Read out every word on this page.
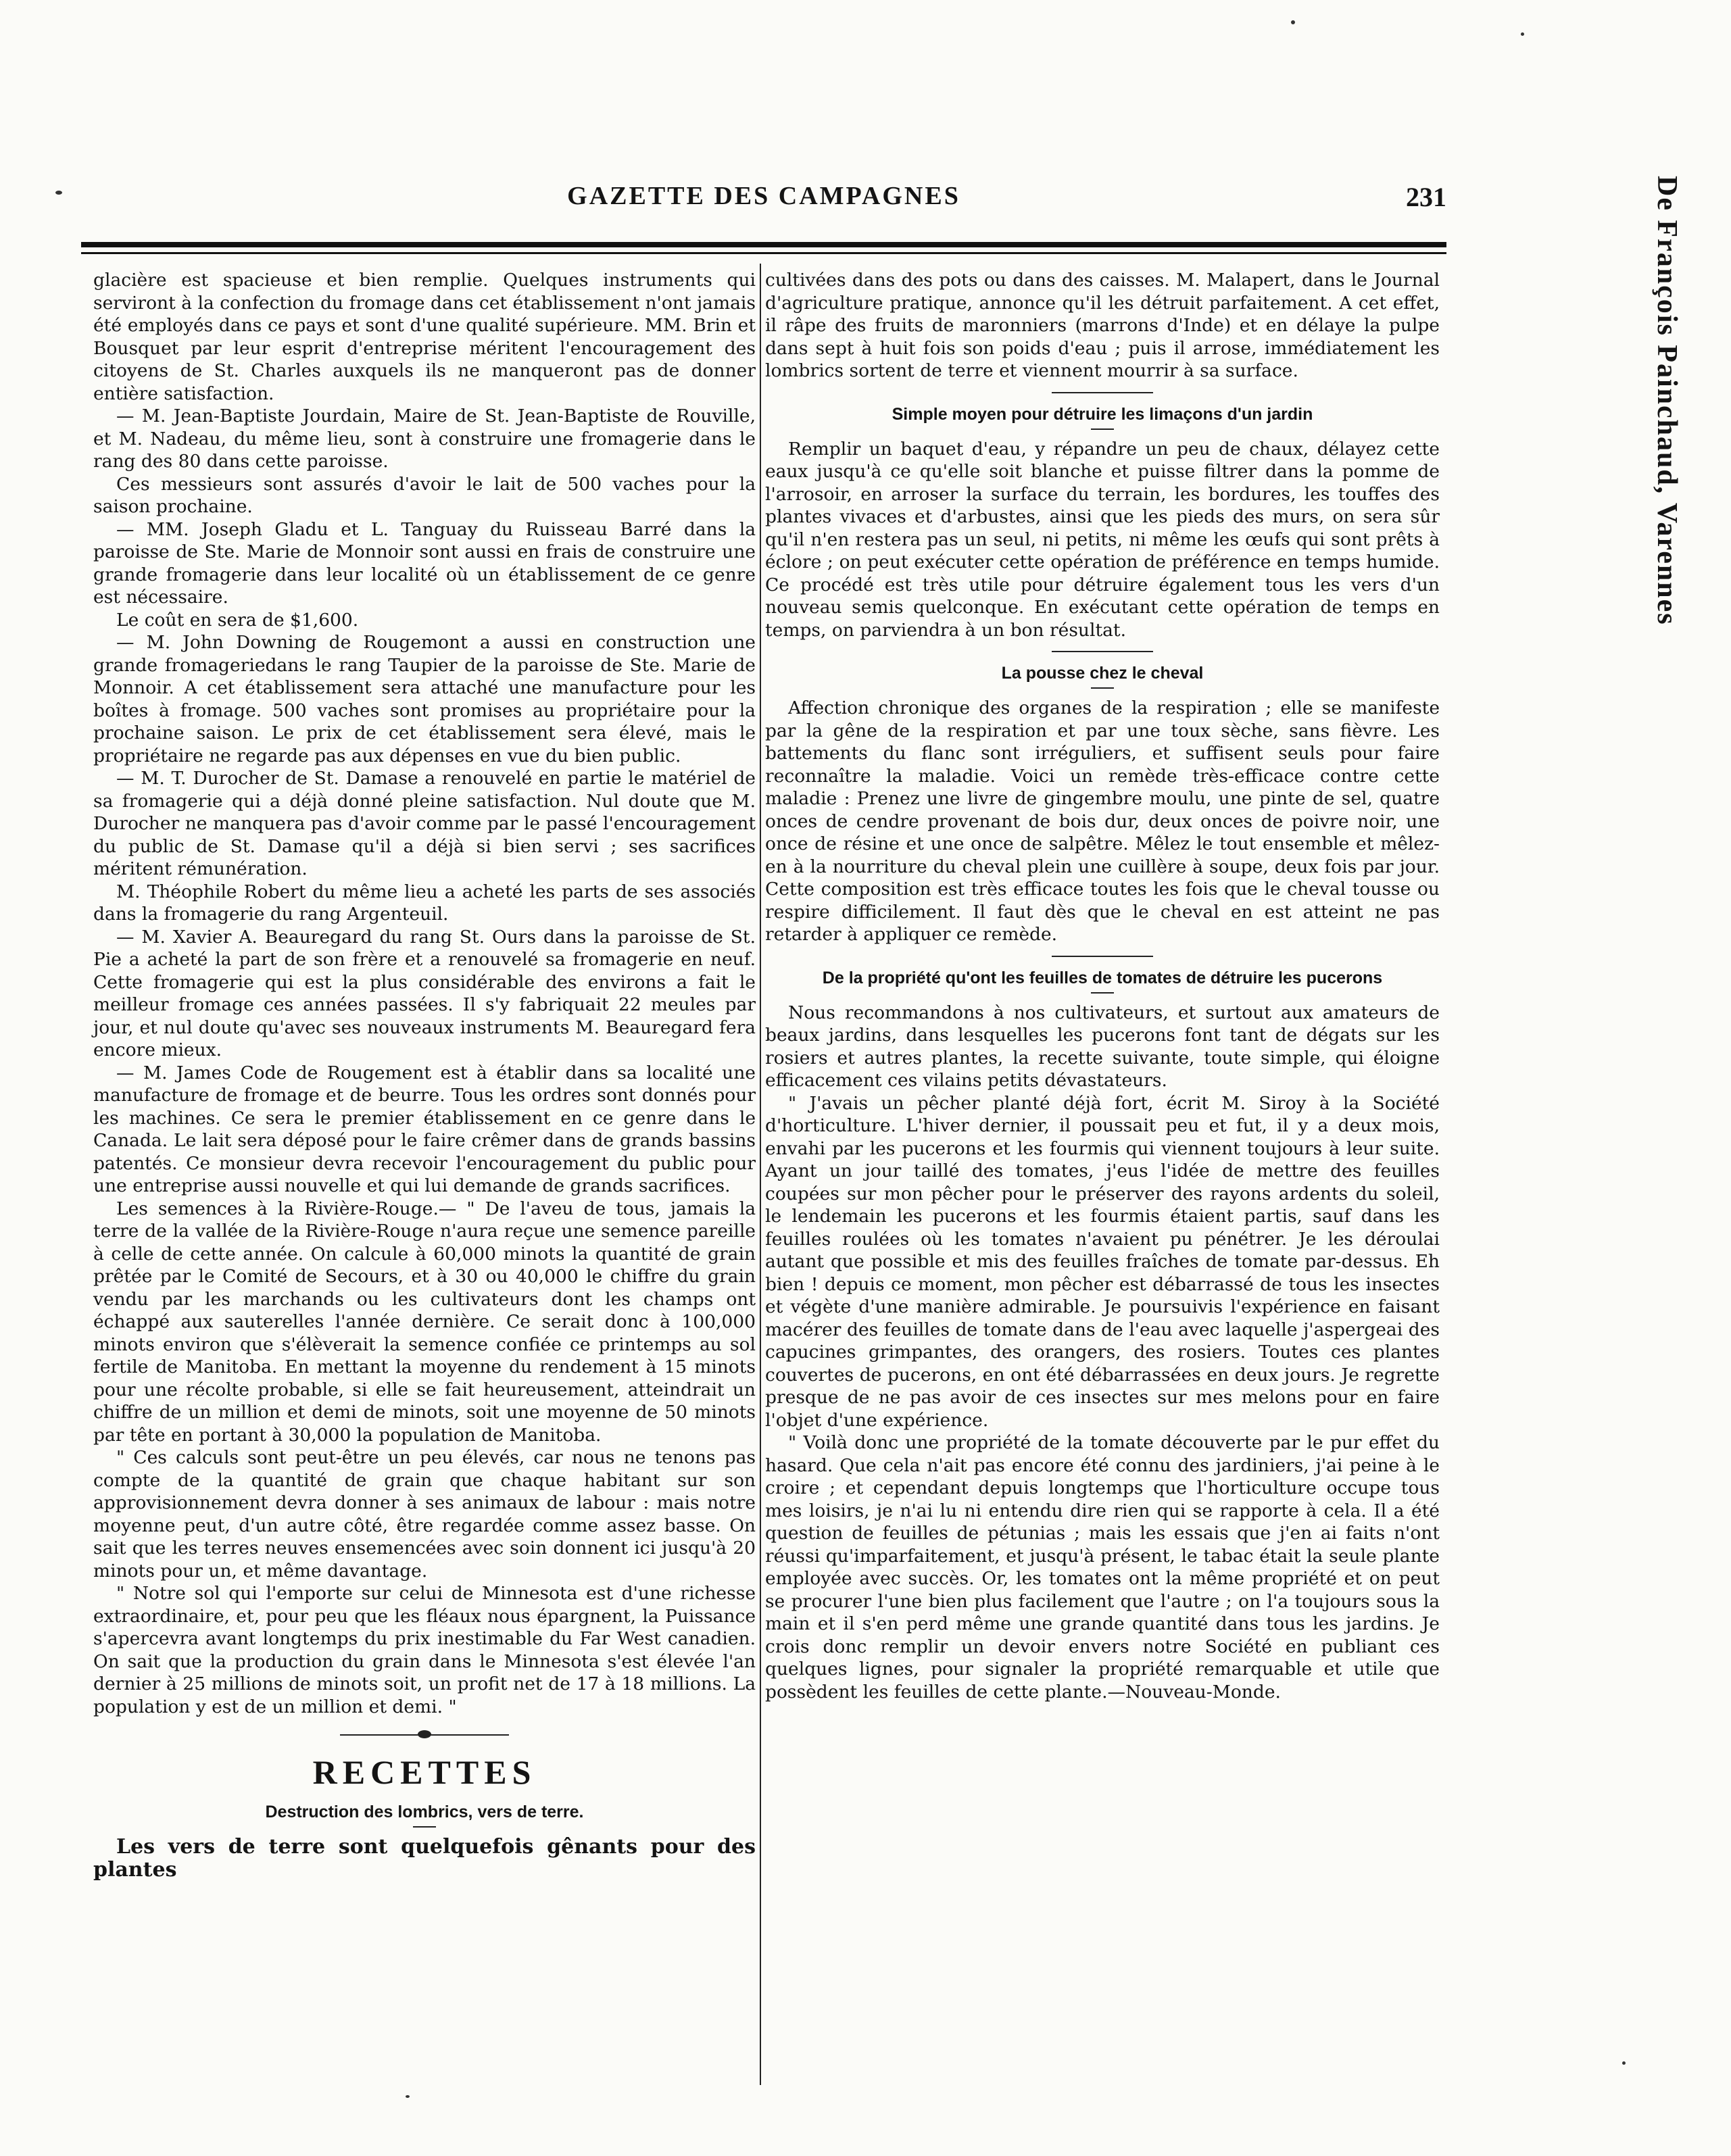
GAZETTE DES CAMPAGNES	231	De François Painchaud, Varennes

glacière est spacieuse et bien remplie. Quelques instruments qui serviront à la confection du fromage dans cet établissement n'ont jamais été employés dans ce pays et sont d'une qualité supérieure. MM. Brin et Bousquet par leur esprit d'entreprise méritent l'encouragement des citoyens de St. Charles auxquels ils ne manqueront pas de donner entière satisfaction.

— M. Jean-Baptiste Jourdain, Maire de St. Jean-Baptiste de Rouville, et M. Nadeau, du même lieu, sont à construire une fromagerie dans le rang des 80 dans cette paroisse.

Ces messieurs sont assurés d'avoir le lait de 500 vaches pour la saison prochaine.

— MM. Joseph Gladu et L. Tanguay du Ruisseau Barré dans la paroisse de Ste. Marie de Monnoir sont aussi en frais de construire une grande fromagerie dans leur localité où un établissement de ce genre est nécessaire.

Le coût en sera de $1,600.

— M. John Downing de Rougemont a aussi en construction une grande fromageriedans le rang Taupier de la paroisse de Ste. Marie de Monnoir. A cet établissement sera attaché une manufacture pour les boîtes à fromage. 500 vaches sont promises au propriétaire pour la prochaine saison. Le prix de cet établissement sera élevé, mais le propriétaire ne regarde pas aux dépenses en vue du bien public.

— M. T. Durocher de St. Damase a renouvelé en partie le matériel de sa fromagerie qui a déjà donné pleine satisfaction. Nul doute que M. Durocher ne manquera pas d'avoir comme par le passé l'encouragement du public de St. Damase qu'il a déjà si bien servi ; ses sacrifices méritent rémunération.

M. Théophile Robert du même lieu a acheté les parts de ses associés dans la fromagerie du rang Argenteuil.

— M. Xavier A. Beauregard du rang St. Ours dans la paroisse de St. Pie a acheté la part de son frère et a renouvelé sa fromagerie en neuf. Cette fromagerie qui est la plus considérable des environs a fait le meilleur fromage ces années passées. Il s'y fabriquait 22 meules par jour, et nul doute qu'avec ses nouveaux instruments M. Beauregard fera encore mieux.

— M. James Code de Rougement est à établir dans sa localité une manufacture de fromage et de beurre. Tous les ordres sont donnés pour les machines. Ce sera le premier établissement en ce genre dans le Canada. Le lait sera déposé pour le faire crêmer dans de grands bassins patentés. Ce monsieur devra recevoir l'encouragement du public pour une entreprise aussi nouvelle et qui lui demande de grands sacrifices.

Les semences à la Rivière-Rouge.— " De l'aveu de tous, jamais la terre de la vallée de la Rivière-Rouge n'aura reçue une semence pareille à celle de cette année. On calcule à 60,000 minots la quantité de grain prêtée par le Comité de Secours, et à 30 ou 40,000 le chiffre du grain vendu par les marchands ou les cultivateurs dont les champs ont échappé aux sauterelles l'année dernière. Ce serait donc à 100,000 minots environ que s'élèverait la semence confiée ce printemps au sol fertile de Manitoba. En mettant la moyenne du rendement à 15 minots pour une récolte probable, si elle se fait heureusement, atteindrait un chiffre de un million et demi de minots, soit une moyenne de 50 minots par tête en portant à 30,000 la population de Manitoba.

" Ces calculs sont peut-être un peu élevés, car nous ne tenons pas compte de la quantité de grain que chaque habitant sur son approvisionnement devra donner à ses animaux de labour : mais notre moyenne peut, d'un autre côté, être regardée comme assez basse. On sait que les terres neuves ensemencées avec soin donnent ici jusqu'à 20 minots pour un, et même davantage.

" Notre sol qui l'emporte sur celui de Minnesota est d'une richesse extraordinaire, et, pour peu que les fléaux nous épargnent, la Puissance s'apercevra avant longtemps du prix inestimable du Far West canadien. On sait que la production du grain dans le Minnesota s'est élevée l'an dernier à 25 millions de minots soit, un profit net de 17 à 18 millions. La population y est de un million et demi. "

RECETTES
Destruction des lombrics, vers de terre.

Les vers de terre sont quelquefois gênants pour des plantes

cultivées dans des pots ou dans des caisses. M. Malapert, dans le Journal d'agriculture pratique, annonce qu'il les détruit parfaitement. A cet effet, il râpe des fruits de maronniers (marrons d'Inde) et en délaye la pulpe dans sept à huit fois son poids d'eau ; puis il arrose, immédiatement les lombrics sortent de terre et viennent mourrir à sa surface.

Simple moyen pour détruire les limaçons d'un jardin

Remplir un baquet d'eau, y répandre un peu de chaux, délayez cette eaux jusqu'à ce qu'elle soit blanche et puisse filtrer dans la pomme de l'arrosoir, en arroser la surface du terrain, les bordures, les touffes des plantes vivaces et d'arbustes, ainsi que les pieds des murs, on sera sûr qu'il n'en restera pas un seul, ni petits, ni même les œufs qui sont prêts à éclore ; on peut exécuter cette opération de préférence en temps humide. Ce procédé est très utile pour détruire également tous les vers d'un nouveau semis quelconque. En exécutant cette opération de temps en temps, on parviendra à un bon résultat.

La pousse chez le cheval

Affection chronique des organes de la respiration ; elle se manifeste par la gêne de la respiration et par une toux sèche, sans fièvre. Les battements du flanc sont irréguliers, et suffisent seuls pour faire reconnaître la maladie. Voici un remède très-efficace contre cette maladie : Prenez une livre de gingembre moulu, une pinte de sel, quatre onces de cendre provenant de bois dur, deux onces de poivre noir, une once de résine et une once de salpêtre. Mêlez le tout ensemble et mêlez-en à la nourriture du cheval plein une cuillère à soupe, deux fois par jour. Cette composition est très efficace toutes les fois que le cheval tousse ou respire difficilement. Il faut dès que le cheval en est atteint ne pas retarder à appliquer ce remède.

De la propriété qu'ont les feuilles de tomates de détruire les pucerons

Nous recommandons à nos cultivateurs, et surtout aux amateurs de beaux jardins, dans lesquelles les pucerons font tant de dégats sur les rosiers et autres plantes, la recette suivante, toute simple, qui éloigne efficacement ces vilains petits dévastateurs.

" J'avais un pêcher planté déjà fort, écrit M. Siroy à la Société d'horticulture. L'hiver dernier, il poussait peu et fut, il y a deux mois, envahi par les pucerons et les fourmis qui viennent toujours à leur suite. Ayant un jour taillé des tomates, j'eus l'idée de mettre des feuilles coupées sur mon pêcher pour le préserver des rayons ardents du soleil, le lendemain les pucerons et les fourmis étaient partis, sauf dans les feuilles roulées où les tomates n'avaient pu pénétrer. Je les déroulai autant que possible et mis des feuilles fraîches de tomate par-dessus. Eh bien ! depuis ce moment, mon pêcher est débarrassé de tous les insectes et végète d'une manière admirable. Je poursuivis l'expérience en faisant macérer des feuilles de tomate dans de l'eau avec laquelle j'aspergeai des capucines grimpantes, des orangers, des rosiers. Toutes ces plantes couvertes de pucerons, en ont été débarrassées en deux jours. Je regrette presque de ne pas avoir de ces insectes sur mes melons pour en faire l'objet d'une expérience.

" Voilà donc une propriété de la tomate découverte par le pur effet du hasard. Que cela n'ait pas encore été connu des jardiniers, j'ai peine à le croire ; et cependant depuis longtemps que l'horticulture occupe tous mes loisirs, je n'ai lu ni entendu dire rien qui se rapporte à cela. Il a été question de feuilles de pétunias ; mais les essais que j'en ai faits n'ont réussi qu'imparfaitement, et jusqu'à présent, le tabac était la seule plante employée avec succès. Or, les tomates ont la même propriété et on peut se procurer l'une bien plus facilement que l'autre ; on l'a toujours sous la main et il s'en perd même une grande quantité dans tous les jardins. Je crois donc remplir un devoir envers notre Société en publiant ces quelques lignes, pour signaler la propriété remarquable et utile que possèdent les feuilles de cette plante.—Nouveau-Monde.
